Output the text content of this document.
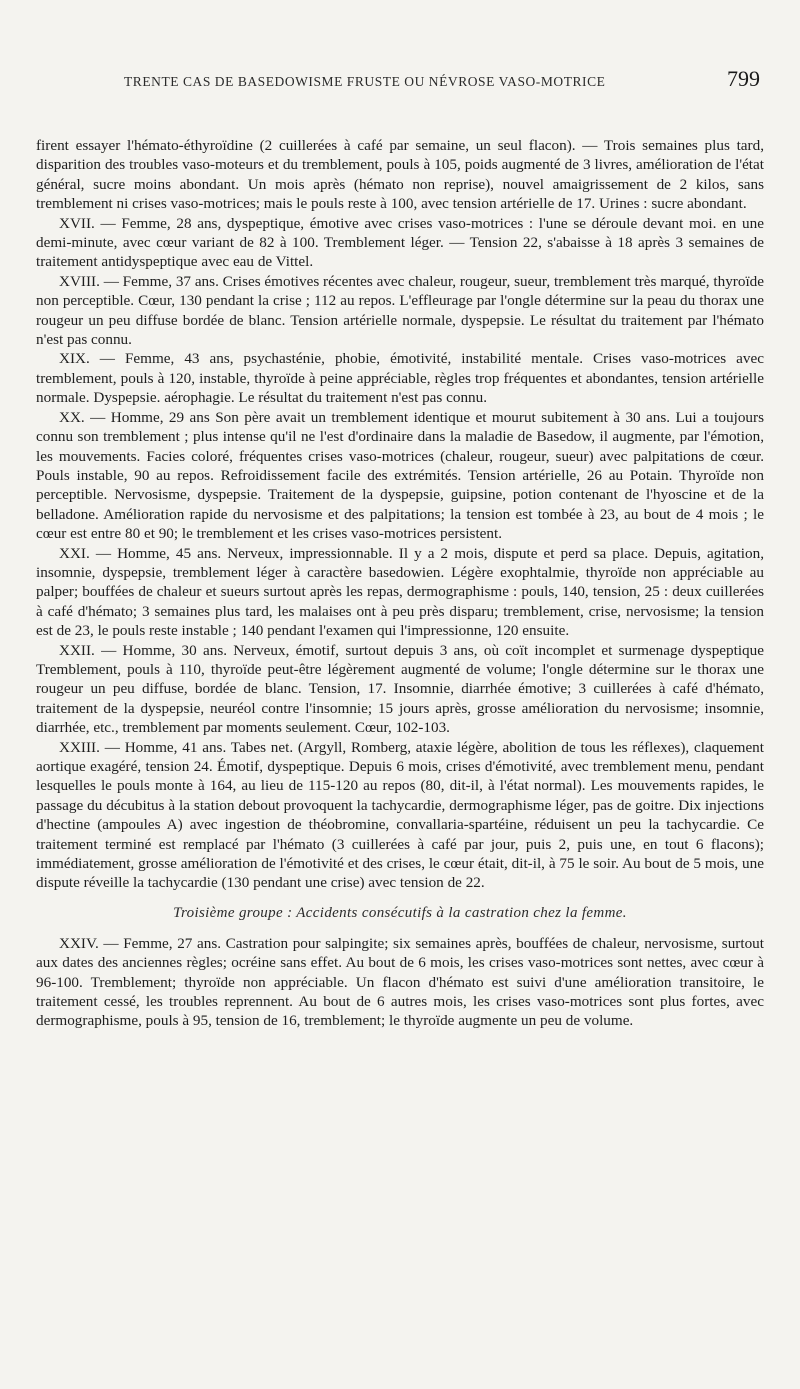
TRENTE CAS DE BASEDOWISME FRUSTE OU NÉVROSE VASO-MOTRICE	799

firent essayer l'hémato-éthyroïdine (2 cuillerées à café par semaine, un seul flacon). — Trois semaines plus tard, disparition des troubles vaso-moteurs et du tremblement, pouls à 105, poids augmenté de 3 livres, amélioration de l'état général, sucre moins abondant. Un mois après (hémato non reprise), nouvel amaigrissement de 2 kilos, sans tremblement ni crises vaso-motrices; mais le pouls reste à 100, avec tension artérielle de 17. Urines : sucre abondant.

XVII. — Femme, 28 ans, dyspeptique, émotive avec crises vaso-motrices : l'une se déroule devant moi. en une demi-minute, avec cœur variant de 82 à 100. Tremblement léger. — Tension 22, s'abaisse à 18 après 3 semaines de traitement antidyspeptique avec eau de Vittel.

XVIII. — Femme, 37 ans. Crises émotives récentes avec chaleur, rougeur, sueur, tremblement très marqué, thyroïde non perceptible. Cœur, 130 pendant la crise ; 112 au repos. L'effleurage par l'ongle détermine sur la peau du thorax une rougeur un peu diffuse bordée de blanc. Tension artérielle normale, dyspepsie. Le résultat du traitement par l'hémato n'est pas connu.

XIX. — Femme, 43 ans, psychasténie, phobie, émotivité, instabilité mentale. Crises vaso-motrices avec tremblement, pouls à 120, instable, thyroïde à peine appréciable, règles trop fréquentes et abondantes, tension artérielle normale. Dyspepsie. aérophagie. Le résultat du traitement n'est pas connu.

XX. — Homme, 29 ans Son père avait un tremblement identique et mourut subitement à 30 ans. Lui a toujours connu son tremblement ; plus intense qu'il ne l'est d'ordinaire dans la maladie de Basedow, il augmente, par l'émotion, les mouvements. Facies coloré, fréquentes crises vaso-motrices (chaleur, rougeur, sueur) avec palpitations de cœur. Pouls instable, 90 au repos. Refroidissement facile des extrémités. Tension artérielle, 26 au Potain. Thyroïde non perceptible. Nervosisme, dyspepsie. Traitement de la dyspepsie, guipsine, potion contenant de l'hyoscine et de la belladone. Amélioration rapide du nervosisme et des palpitations; la tension est tombée à 23, au bout de 4 mois ; le cœur est entre 80 et 90; le tremblement et les crises vaso-motrices persistent.

XXI. — Homme, 45 ans. Nerveux, impressionnable. Il y a 2 mois, dispute et perd sa place. Depuis, agitation, insomnie, dyspepsie, tremblement léger à caractère basedowien. Légère exophtalmie, thyroïde non appréciable au palper; bouffées de chaleur et sueurs surtout après les repas, dermographisme : pouls, 140, tension, 25 : deux cuillerées à café d'hémato; 3 semaines plus tard, les malaises ont à peu près disparu; tremblement, crise, nervosisme; la tension est de 23, le pouls reste instable ; 140 pendant l'examen qui l'impressionne, 120 ensuite.

XXII. — Homme, 30 ans. Nerveux, émotif, surtout depuis 3 ans, où coït incomplet et surmenage dyspeptique Tremblement, pouls à 110, thyroïde peut-être légèrement augmenté de volume; l'ongle détermine sur le thorax une rougeur un peu diffuse, bordée de blanc. Tension, 17. Insomnie, diarrhée émotive; 3 cuillerées à café d'hémato, traitement de la dyspepsie, neuréol contre l'insomnie; 15 jours après, grosse amélioration du nervosisme; insomnie, diarrhée, etc., tremblement par moments seulement. Cœur, 102-103.

XXIII. — Homme, 41 ans. Tabes net. (Argyll, Romberg, ataxie légère, abolition de tous les réflexes), claquement aortique exagéré, tension 24. Émotif, dyspeptique. Depuis 6 mois, crises d'émotivité, avec tremblement menu, pendant lesquelles le pouls monte à 164, au lieu de 115-120 au repos (80, dit-il, à l'état normal). Les mouvements rapides, le passage du décubitus à la station debout provoquent la tachycardie, dermographisme léger, pas de goitre. Dix injections d'hectine (ampoules A) avec ingestion de théobromine, convallaria-spartéine, réduisent un peu la tachycardie. Ce traitement terminé est remplacé par l'hémato (3 cuillerées à café par jour, puis 2, puis une, en tout 6 flacons); immédiatement, grosse amélioration de l'émotivité et des crises, le cœur était, dit-il, à 75 le soir. Au bout de 5 mois, une dispute réveille la tachycardie (130 pendant une crise) avec tension de 22.

Troisième groupe : Accidents consécutifs à la castration chez la femme.

XXIV. — Femme, 27 ans. Castration pour salpingite; six semaines après, bouffées de chaleur, nervosisme, surtout aux dates des anciennes règles; ocréine sans effet. Au bout de 6 mois, les crises vaso-motrices sont nettes, avec cœur à 96-100. Tremblement; thyroïde non appréciable. Un flacon d'hémato est suivi d'une amélioration transitoire, le traitement cessé, les troubles reprennent. Au bout de 6 autres mois, les crises vaso-motrices sont plus fortes, avec dermographisme, pouls à 95, tension de 16, tremblement; le thyroïde augmente un peu de volume.
